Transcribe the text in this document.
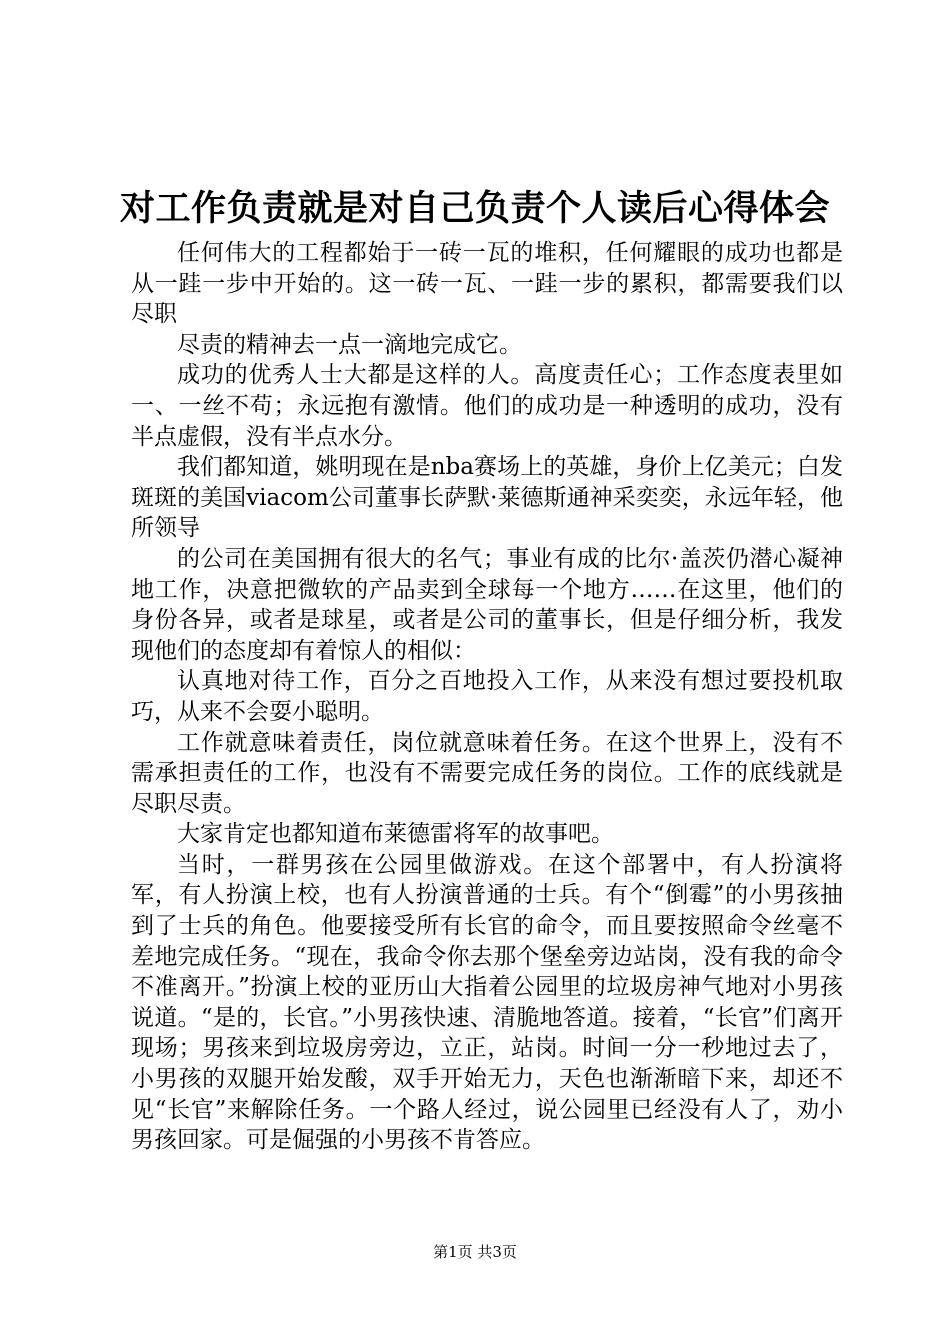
对工作负责就是对自己负责个人读后心得体会

任何伟大的工程都始于一砖一瓦的堆积，任何耀眼的成功也都是从一跬一步中开始的。这一砖一瓦、一跬一步的累积，都需要我们以尽职

尽责的精神去一点一滴地完成它。

成功的优秀人士大都是这样的人。高度责任心；工作态度表里如一、一丝不苟；永远抱有激情。他们的成功是一种透明的成功，没有半点虚假，没有半点水分。

我们都知道，姚明现在是nba赛场上的英雄，身价上亿美元；白发斑斑的美国viacom公司董事长萨默·莱德斯通神采奕奕，永远年轻，他所领导

的公司在美国拥有很大的名气；事业有成的比尔·盖茨仍潜心凝神地工作，决意把微软的产品卖到全球每一个地方……在这里，他们的身份各异，或者是球星，或者是公司的董事长，但是仔细分析，我发现他们的态度却有着惊人的相似：

认真地对待工作，百分之百地投入工作，从来没有想过要投机取巧，从来不会耍小聪明。

工作就意味着责任，岗位就意味着任务。在这个世界上，没有不需承担责任的工作，也没有不需要完成任务的岗位。工作的底线就是尽职尽责。

大家肯定也都知道布莱德雷将军的故事吧。

当时，一群男孩在公园里做游戏。在这个部署中，有人扮演将军，有人扮演上校，也有人扮演普通的士兵。有个“倒霉”的小男孩抽到了士兵的角色。他要接受所有长官的命令，而且要按照命令丝毫不差地完成任务。“现在，我命令你去那个堡垒旁边站岗，没有我的命令不准离开。”扮演上校的亚历山大指着公园里的垃圾房神气地对小男孩说道。“是的，长官。”小男孩快速、清脆地答道。接着，“长官”们离开现场；男孩来到垃圾房旁边，立正，站岗。时间一分一秒地过去了，小男孩的双腿开始发酸，双手开始无力，天色也渐渐暗下来，却还不见“长官”来解除任务。一个路人经过，说公园里已经没有人了，劝小男孩回家。可是倔强的小男孩不肯答应。

第1页 共3页
